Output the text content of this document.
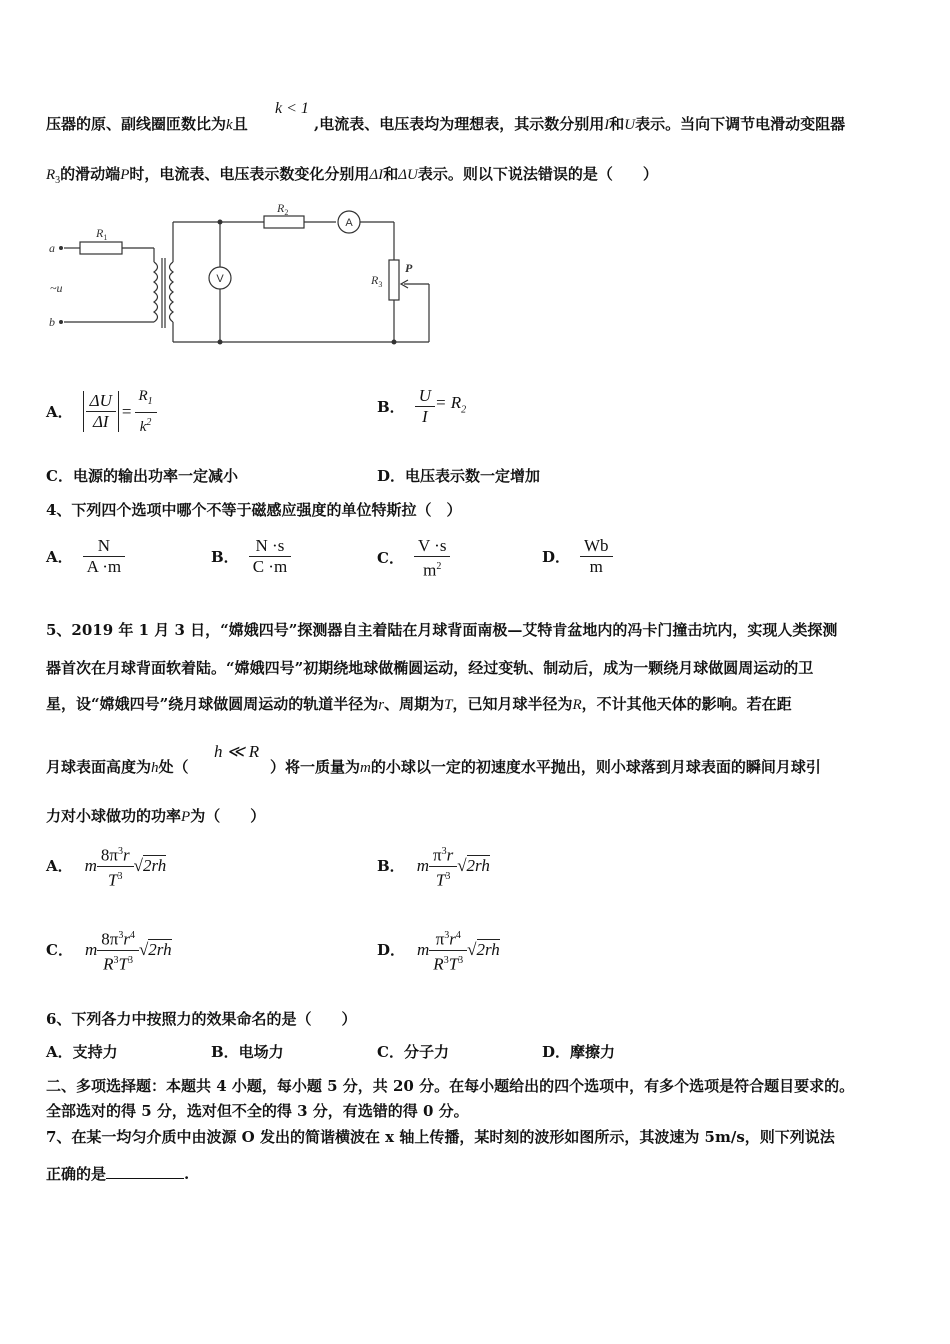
压器的原、副线圈匝数比为k且
k < 1
,电流表、电压表均为理想表，其示数分别用I和U表示。当向下调节电滑动变阻器
$R_3$的滑动端P时，电流表、电压表示数变化分别用ΔI和ΔU表示。则以下说法错误的是（　　）
a
b
~u
$R_1$
$R_2$
$R_3$
P
A
V
A． $\frac{\Delta U}{\Delta I} = \frac{R_1}{k^2}$	B． $\frac{U}{I} = R_2$
C．电源的输出功率一定减小	D．电压表示数一定增加
4、下列四个选项中哪个不等于磁感应强度的单位特斯拉（　）
A． $\frac{N}{A \cdot m}$	B． $\frac{N \cdot s}{C \cdot m}$	C． $\frac{V \cdot s}{m^2}$	D． $\frac{Wb}{m}$
5、2019 年 1 月 3 日，“嫦娥四号”探测器自主着陆在月球背面南极—艾特肯盆地内的冯卡门撞击坑内，实现人类探测
器首次在月球背面软着陆。“嫦娥四号”初期绕地球做椭圆运动，经过变轨、制动后，成为一颗绕月球做圆周运动的卫
星，设“嫦娥四号”绕月球做圆周运动的轨道半径为r、周期为T，已知月球半径为R，不计其他天体的影响。若在距
月球表面高度为h处（
h ≪ R
）将一质量为m的小球以一定的初速度水平抛出，则小球落到月球表面的瞬间月球引
力对小球做功的功率P为（　　）
A． m $\frac{8\pi^3r}{T^3} √2rh$	B． m $\frac{\pi^3r}{T^3} √2rh$
C． m $\frac{8\pi^3r^4}{R^3T^3} √2rh$	D． m $\frac{\pi^3r^4}{R^3T^3} √2rh$
6、下列各力中按照力的效果命名的是（　　）
A．支持力	B．电场力	C．分子力	D．摩擦力
二、多项选择题：本题共 4 小题，每小题 5 分，共 20 分。在每小题给出的四个选项中，有多个选项是符合题目要求的。
全部选对的得 5 分，选对但不全的得 3 分，有选错的得 0 分。
7、在某一均匀介质中由波源 O 发出的简谐横波在 x 轴上传播，某时刻的波形如图所示，其波速为 5m/s，则下列说法
正确的是	.
